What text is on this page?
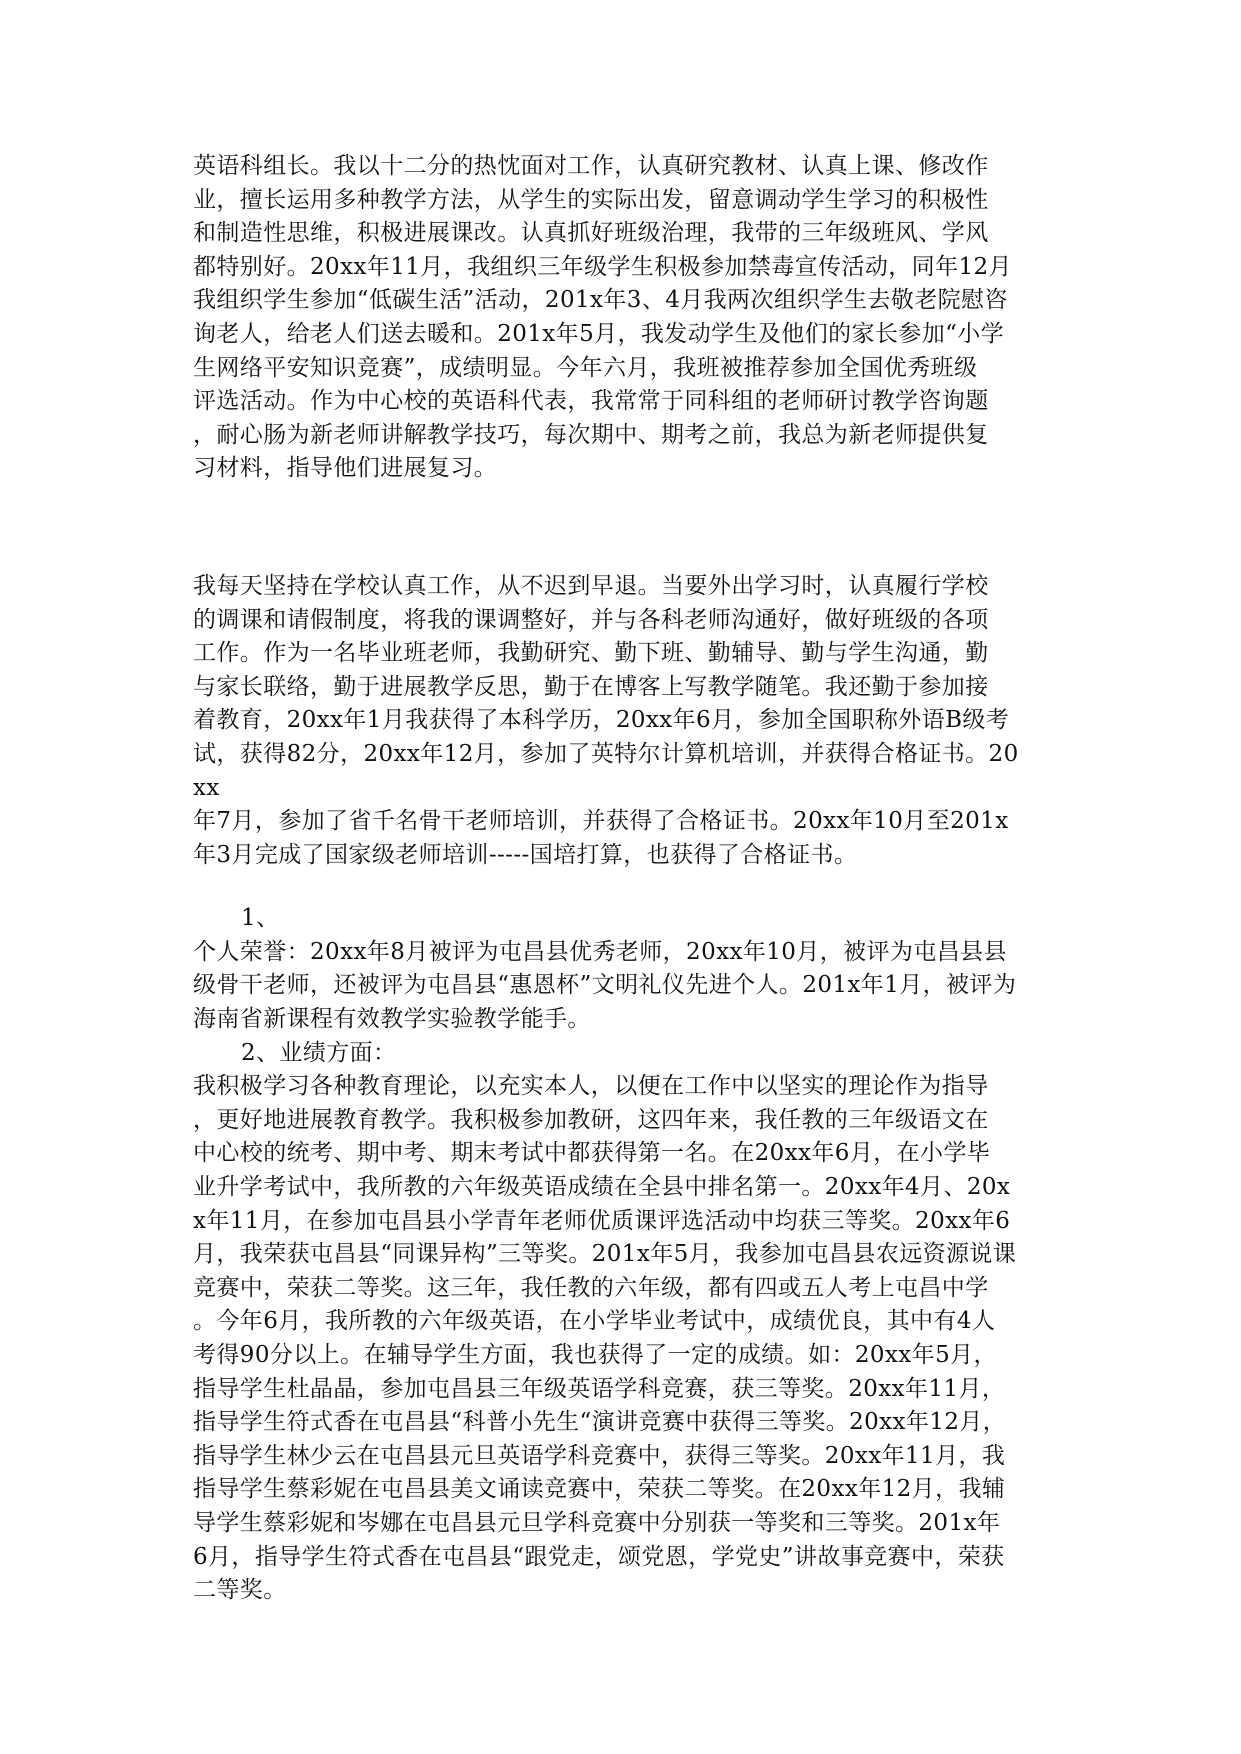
英语科组长。我以十二分的热忱面对工作，认真研究教材、认真上课、修改作
业，擅长运用多种教学方法，从学生的实际出发，留意调动学生学习的积极性
和制造性思维，积极进展课改。认真抓好班级治理，我带的三年级班风、学风
都特别好。20xx年11月，我组织三年级学生积极参加禁毒宣传活动，同年12月
我组织学生参加“低碳生活”活动，201x年3、4月我两次组织学生去敬老院慰咨
询老人，给老人们送去暖和。201x年5月，我发动学生及他们的家长参加“小学
生网络平安知识竞赛”，成绩明显。今年六月，我班被推荐参加全国优秀班级
评选活动。作为中心校的英语科代表，我常常于同科组的老师研讨教学咨询题
，耐心肠为新老师讲解教学技巧，每次期中、期考之前，我总为新老师提供复
习材料，指导他们进展复习。
我每天坚持在学校认真工作，从不迟到早退。当要外出学习时，认真履行学校
的调课和请假制度，将我的课调整好，并与各科老师沟通好，做好班级的各项
工作。作为一名毕业班老师，我勤研究、勤下班、勤辅导、勤与学生沟通，勤
与家长联络，勤于进展教学反思，勤于在博客上写教学随笔。我还勤于参加接
着教育，20xx年1月我获得了本科学历，20xx年6月，参加全国职称外语B级考
试，获得82分，20xx年12月，参加了英特尔计算机培训，并获得合格证书。20
xx
年7月，参加了省千名骨干老师培训，并获得了合格证书。20xx年10月至201x
年3月完成了国家级老师培训-----国培打算，也获得了合格证书。
1、
个人荣誉：20xx年8月被评为屯昌县优秀老师，20xx年10月，被评为屯昌县县
级骨干老师，还被评为屯昌县“惠恩杯”文明礼仪先进个人。201x年1月，被评为
海南省新课程有效教学实验教学能手。
2、业绩方面：
我积极学习各种教育理论，以充实本人，以便在工作中以坚实的理论作为指导
，更好地进展教育教学。我积极参加教研，这四年来，我任教的三年级语文在
中心校的统考、期中考、期末考试中都获得第一名。在20xx年6月，在小学毕
业升学考试中，我所教的六年级英语成绩在全县中排名第一。20xx年4月、20x
x年11月，在参加屯昌县小学青年老师优质课评选活动中均获三等奖。20xx年6
月，我荣获屯昌县“同课异构”三等奖。201x年5月，我参加屯昌县农远资源说课
竞赛中，荣获二等奖。这三年，我任教的六年级，都有四或五人考上屯昌中学
。今年6月，我所教的六年级英语，在小学毕业考试中，成绩优良，其中有4人
考得90分以上。在辅导学生方面，我也获得了一定的成绩。如：20xx年5月，
指导学生杜晶晶，参加屯昌县三年级英语学科竞赛，获三等奖。20xx年11月，
指导学生符式香在屯昌县“科普小先生“演讲竞赛中获得三等奖。20xx年12月，
指导学生林少云在屯昌县元旦英语学科竞赛中，获得三等奖。20xx年11月，我
指导学生蔡彩妮在屯昌县美文诵读竞赛中，荣获二等奖。在20xx年12月，我辅
导学生蔡彩妮和岑娜在屯昌县元旦学科竞赛中分别获一等奖和三等奖。201x年
6月，指导学生符式香在屯昌县“跟党走，颂党恩，学党史”讲故事竞赛中，荣获
二等奖。
